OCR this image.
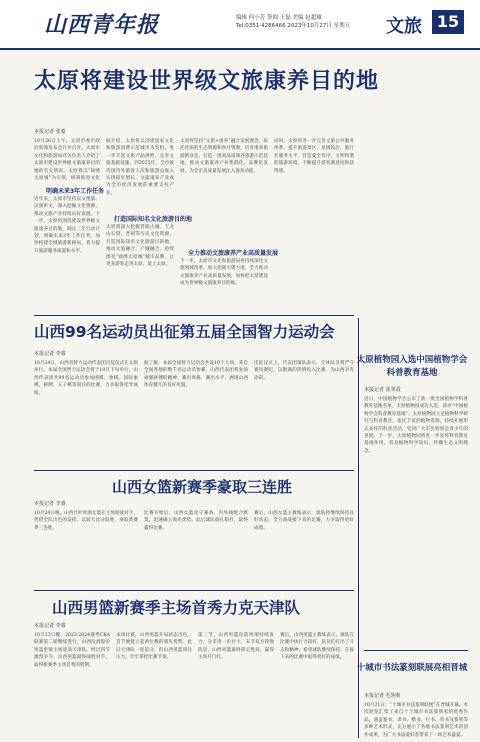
山西青年报	编辑 何小芳 签阅 王磊 美编 赵超雄
Tel:0351-4286466 2023年10月27日 星期五 文旅 15
太原将建设世界级文旅康养目的地
本报记者 张蓁
10月26日上午，太原市委市政府新闻发布会在并召开。太原市文化和旅游局有关负责人介绍了太原市建设世界级文旅康养目的地的有关情况。太原将以“锦绣太原城”为引领，统筹推进文化
明确未来3年工作任务
近年来，太原市坚持以文塑旅、以旅彰文，深入挖掘文化资源，推动文旅产业持续向好发展。下一步，太原将围绕建设世界级文旅康养目的地，制定三年行动计划，明确未来3年工作任务，加快构建全域旅游新格局，着力提升旅游服务质量和水平。
据介绍，太原将以创建国家文化和旅游消费示范城市为契机，进一步丰富文旅产品供给，完善文旅基础设施。到2025年，全市接待国内外游客人次和旅游总收入实现稳步增长，文旅康养产业成为全市经济发展的重要支柱产业。
打造国际知名文化旅游目的地
太原将深入挖掘晋阳古城、天龙山石窟、晋祠等历史文化资源，打造国际知名文化旅游目的地，推动文旅融合、产城融合，持续擦亮“锦绣太原城”城市品牌，让更多游客走进太原、爱上太原。
太原将坚持“文旅+康养”融合发展理念，依托优质的生态资源和医疗资源，培育康养旅游新业态，打造一批高品质康养旅游示范基地，推动文旅康养产业集群化、品牌化发展，为全市高质量发展注入强劲动能。
全力推动文旅康养产业高质量发展
下一步，太原市文化和旅游局将持续深化文旅领域改革，加大招商引资力度，全力推动文旅康养产业高质量发展，加快把太原建设成为世界级文旅康养目的地。
同时，太原将进一步完善文旅公共服务体系，提升旅游景区、星级饭店、旅行社服务水平，营造安全有序、文明和谐的旅游环境，不断提升游客满意度和获得感。
山西99名运动员出征第五届全国智力运动会
本报记者 李睿
10月24日，山西省智力运动代表团出征仪式在太原举行。本届全国智力运动会将于10月下旬举行，山西代表团共99名运动员参加围棋、象棋、国际象棋、桥牌、五子棋等项目的比赛，力争取得优异成绩。
据了解，本届全国智力运动会共设10个大项，来自全国各地的数千名运动员参赛。山西代表团将发扬顽强拼搏的精神，赛出风格、赛出水平，展现山西体育健儿的良好风貌。
出征仪式上，代表团领队表示，全体队员将严守赛风赛纪，以饱满的热情投入比赛，为山西争光添彩。
山西女篮新赛季豪取三连胜
本报记者 李睿
10月24日晚，山西竹叶青酒女篮在主场迎战对手，凭借全队出色的发挥，以较大比分取胜，豪取新赛季三连胜。
比赛开始后，山西女篮攻守兼备，内外线配合默契，迅速确立领先优势。此后球队稳扎稳打，最终赢得比赛。
赛后，山西女篮主教练表示，球队将继续保持良好状态，全力备战接下来的比赛，力争取得更好成绩。
山西男篮新赛季主场首秀力克天津队
本报记者 李睿
10月23日晚，2023-2024赛季CBA联赛第二轮继续进行，山西汾酒股份男篮坐镇主场迎战天津队。经过四节激烈争夺，山西男篮最终战胜对手，取得新赛季主场首秀的胜利。
本场比赛，山西男篮开局状态出色，首节便建立起两位数的领先优势。此后天津队一度追分，但山西男篮顶住压力，牢牢掌控比赛节奏。
第三节，山西男篮攻防两端持续发力，分差进一步拉大。末节双方轮换阵容，山西男篮最终锁定胜局，赢得主场开门红。
赛后，山西男篮主教练表示，球队在比赛中执行力较好，队员们打出了斗志和精神，希望球队继续保持，在接下来的比赛中取得更好的成绩。
太原植物园入选中国植物学会科普教育基地
本报记者 崔翠霞
近日，中国植物学会公布了新一批全国植物学科普教育基地名单，太原植物园成功入选，获评“中国植物学会科普教育基地”。太原植物园立足植物科学研究与科普教育，依托丰富的植物资源，持续开展形式多样的科普活动，受到广大市民特别是青少年的喜爱。下一步，太原植物园将进一步发挥科普教育基地作用，普及植物科学知识，传播生态文明理念。
十城市书法篆刻联展亮相晋城
本报记者 毛翎莉
10月21日，“十城市书法篆刻联展”在晋城开幕。本次展览汇集了来自十个城市书法篆刻家的优秀作品，涵盖篆书、隶书、楷书、行书、草书及篆刻等多种艺术形式，充分展示了各地书法篆刻艺术的创作成果，为广大书法爱好者带来了一场艺术盛宴。
